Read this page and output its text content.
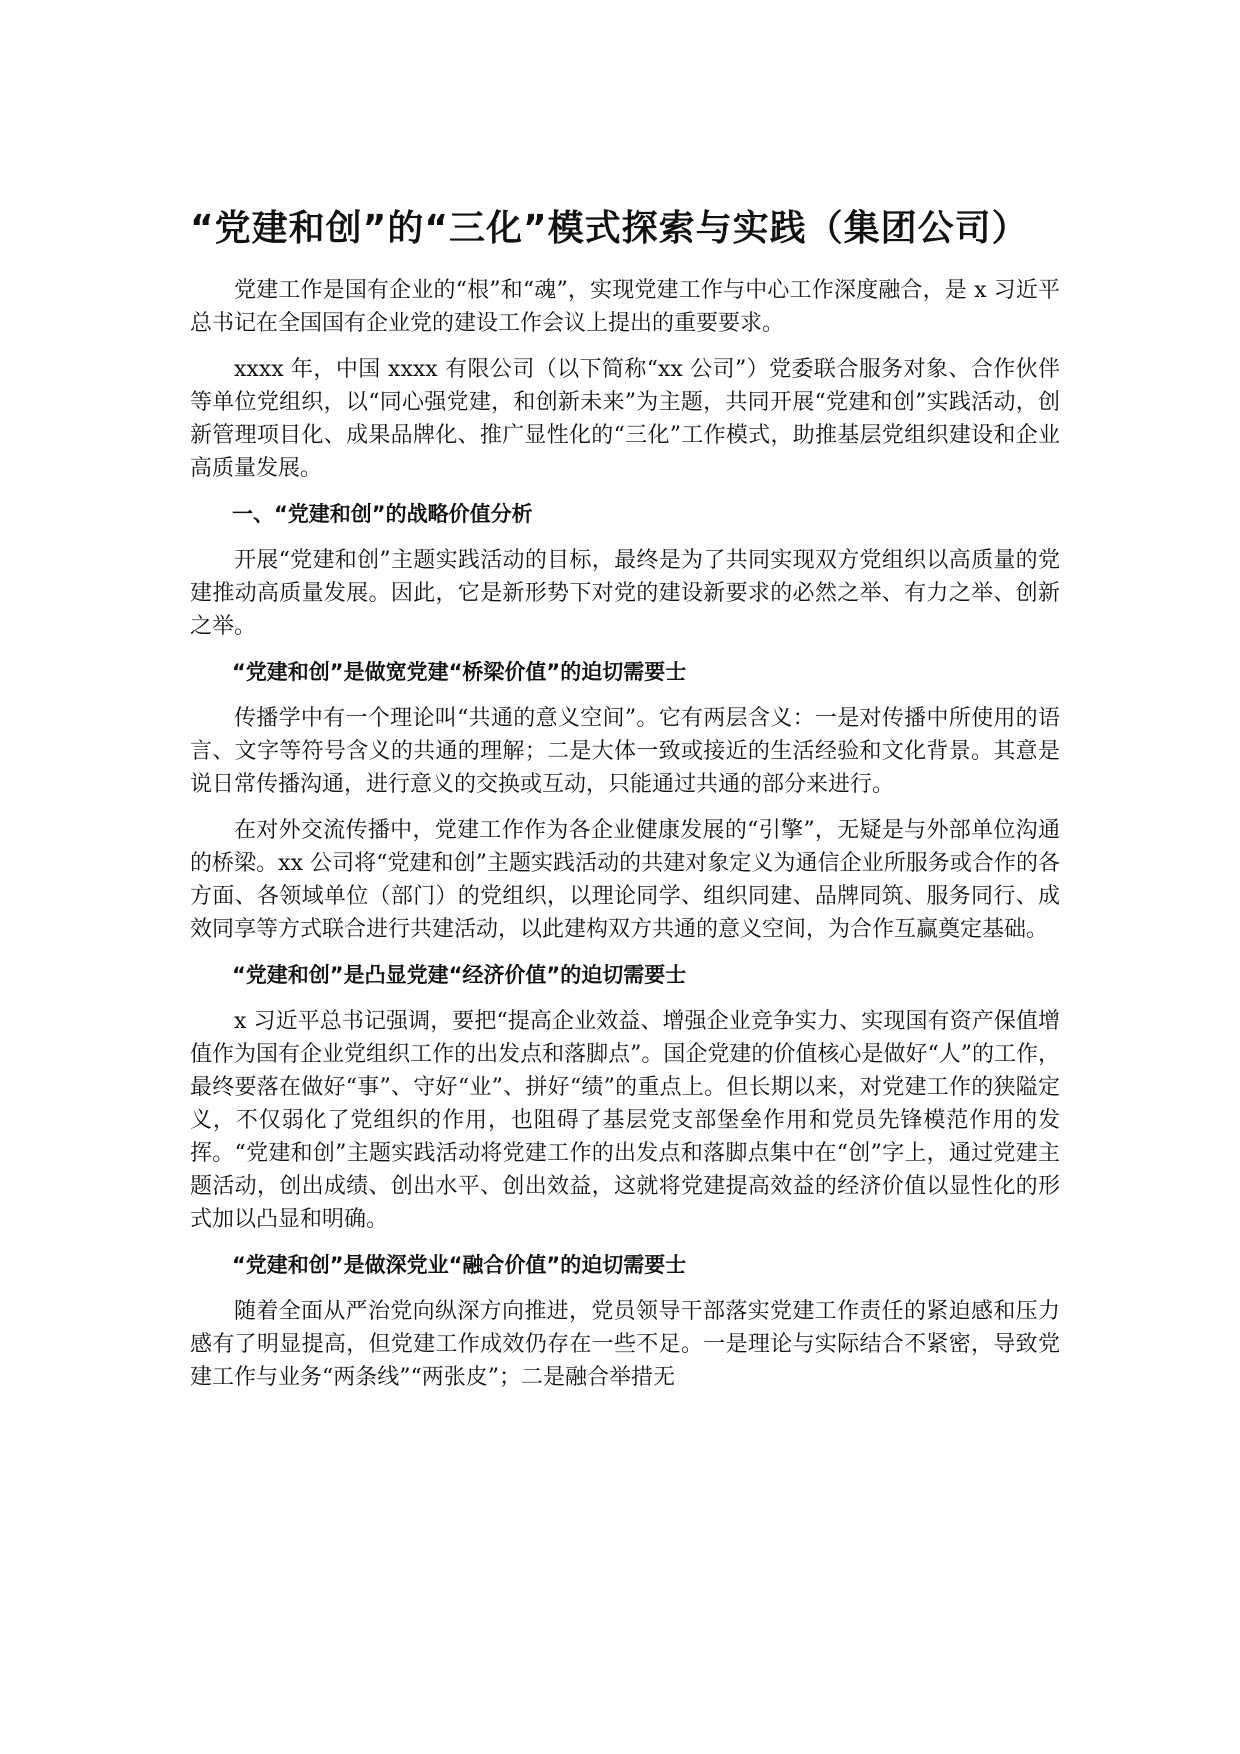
“党建和创”的“三化”模式探索与实践（集团公司）

党建工作是国有企业的“根”和“魂”，实现党建工作与中心工作深度融合，是 x 习近平总书记在全国国有企业党的建设工作会议上提出的重要要求。

xxxx 年，中国 xxxx 有限公司（以下简称“xx 公司”）党委联合服务对象、合作伙伴等单位党组织，以“同心强党建，和创新未来”为主题，共同开展“党建和创”实践活动，创新管理项目化、成果品牌化、推广显性化的“三化”工作模式，助推基层党组织建设和企业高质量发展。

一、“党建和创”的战略价值分析

开展“党建和创”主题实践活动的目标，最终是为了共同实现双方党组织以高质量的党建推动高质量发展。因此，它是新形势下对党的建设新要求的必然之举、有力之举、创新之举。

“党建和创”是做宽党建“桥梁价值”的迫切需要士

传播学中有一个理论叫“共通的意义空间”。它有两层含义：一是对传播中所使用的语言、文字等符号含义的共通的理解；二是大体一致或接近的生活经验和文化背景。其意是说日常传播沟通，进行意义的交换或互动，只能通过共通的部分来进行。

在对外交流传播中，党建工作作为各企业健康发展的“引擎”，无疑是与外部单位沟通的桥梁。xx 公司将“党建和创”主题实践活动的共建对象定义为通信企业所服务或合作的各方面、各领域单位（部门）的党组织，以理论同学、组织同建、品牌同筑、服务同行、成效同享等方式联合进行共建活动，以此建构双方共通的意义空间，为合作互赢奠定基础。

“党建和创”是凸显党建“经济价值”的迫切需要士

x 习近平总书记强调，要把“提高企业效益、增强企业竞争实力、实现国有资产保值增值作为国有企业党组织工作的出发点和落脚点”。国企党建的价值核心是做好“人”的工作，最终要落在做好“事”、守好“业”、拼好“绩”的重点上。但长期以来，对党建工作的狭隘定义，不仅弱化了党组织的作用，也阻碍了基层党支部堡垒作用和党员先锋模范作用的发挥。“党建和创”主题实践活动将党建工作的出发点和落脚点集中在“创”字上，通过党建主题活动，创出成绩、创出水平、创出效益，这就将党建提高效益的经济价值以显性化的形式加以凸显和明确。

“党建和创”是做深党业“融合价值”的迫切需要士

随着全面从严治党向纵深方向推进，党员领导干部落实党建工作责任的紧迫感和压力感有了明显提高，但党建工作成效仍存在一些不足。一是理论与实际结合不紧密，导致党建工作与业务“两条线”“两张皮”；二是融合举措无
